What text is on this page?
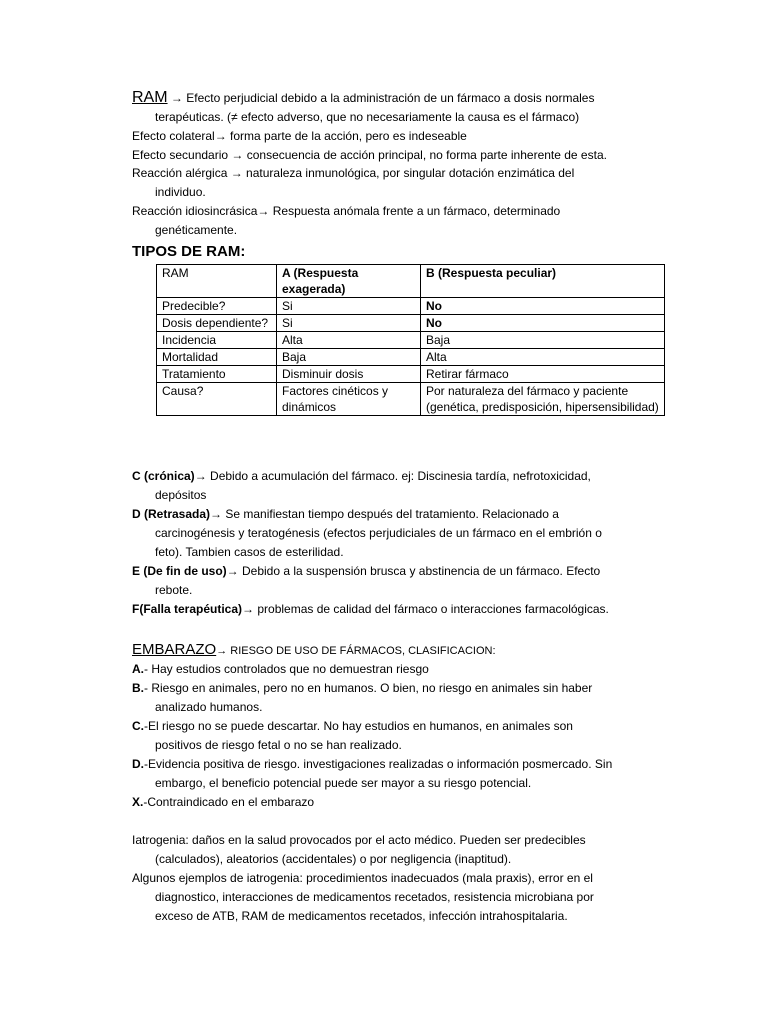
RAM → Efecto perjudicial debido a la administración de un fármaco a dosis normales
terapéuticas. (≠ efecto adverso, que no necesariamente la causa es el fármaco)
Efecto colateral→ forma parte de la acción, pero es indeseable
Efecto secundario → consecuencia de acción principal, no forma parte inherente de esta.
Reacción alérgica → naturaleza inmunológica, por singular dotación enzimática del
individuo.
Reacción idiosincrásica→ Respuesta anómala frente a un fármaco, determinado
genéticamente.
TIPOS DE RAM:
RAM	A (Respuesta exagerada)	B (Respuesta peculiar)
Predecible?	Si	No
Dosis dependiente?	Si	No
Incidencia	Alta	Baja
Mortalidad	Baja	Alta
Tratamiento	Disminuir dosis	Retirar fármaco
Causa?	Factores cinéticos y dinámicos	Por naturaleza del fármaco y paciente (genética, predisposición, hipersensibilidad)
C (crónica)→ Debido a acumulación del fármaco. ej: Discinesia tardía, nefrotoxicidad,
depósitos
D (Retrasada)→ Se manifiestan tiempo después del tratamiento. Relacionado a
carcinogénesis y teratogénesis (efectos perjudiciales de un fármaco en el embrión o
feto). Tambien casos de esterilidad.
E (De fin de uso)→ Debido a la suspensión brusca y abstinencia de un fármaco. Efecto
rebote.
F(Falla terapéutica)→ problemas de calidad del fármaco o interacciones farmacológicas.
EMBARAZO→ RIESGO DE USO DE FÁRMACOS, CLASIFICACION:
A.- Hay estudios controlados que no demuestran riesgo
B.- Riesgo en animales, pero no en humanos. O bien, no riesgo en animales sin haber
analizado humanos.
C.-El riesgo no se puede descartar. No hay estudios en humanos, en animales son
positivos de riesgo fetal o no se han realizado.
D.-Evidencia positiva de riesgo. investigaciones realizadas o información posmercado. Sin
embargo, el beneficio potencial puede ser mayor a su riesgo potencial.
X.-Contraindicado en el embarazo
Iatrogenia: daños en la salud provocados por el acto médico. Pueden ser predecibles
(calculados), aleatorios (accidentales) o por negligencia (inaptitud).
Algunos ejemplos de iatrogenia: procedimientos inadecuados (mala praxis), error en el
diagnostico, interacciones de medicamentos recetados, resistencia microbiana por
exceso de ATB, RAM de medicamentos recetados, infección intrahospitalaria.
